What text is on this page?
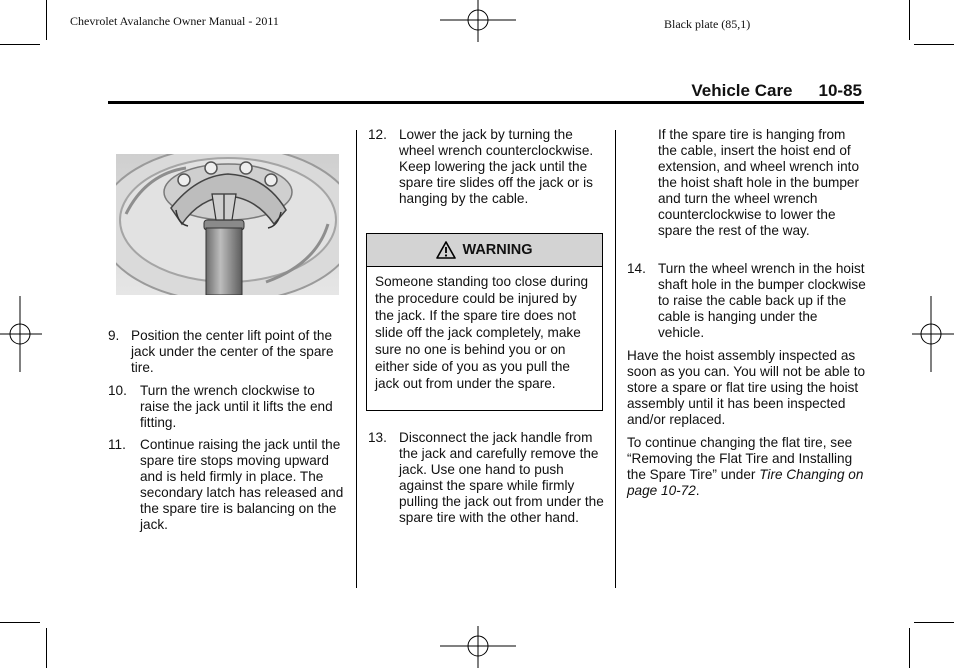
Chevrolet Avalanche Owner Manual - 2011	Black plate (85,1)
Vehicle Care 10-85
9. Position the center lift point of the jack under the center of the spare tire.
10. Turn the wrench clockwise to raise the jack until it lifts the end fitting.
11. Continue raising the jack until the spare tire stops moving upward and is held firmly in place. The secondary latch has released and the spare tire is balancing on the jack.
12. Lower the jack by turning the wheel wrench counterclockwise. Keep lowering the jack until the spare tire slides off the jack or is hanging by the cable.
WARNING
Someone standing too close during the procedure could be injured by the jack. If the spare tire does not slide off the jack completely, make sure no one is behind you or on either side of you as you pull the jack out from under the spare.
13. Disconnect the jack handle from the jack and carefully remove the jack. Use one hand to push against the spare while firmly pulling the jack out from under the spare tire with the other hand.
If the spare tire is hanging from the cable, insert the hoist end of extension, and wheel wrench into the hoist shaft hole in the bumper and turn the wheel wrench counterclockwise to lower the spare the rest of the way.
14. Turn the wheel wrench in the hoist shaft hole in the bumper clockwise to raise the cable back up if the cable is hanging under the vehicle.
Have the hoist assembly inspected as soon as you can. You will not be able to store a spare or flat tire using the hoist assembly until it has been inspected and/or replaced.
To continue changing the flat tire, see “Removing the Flat Tire and Installing the Spare Tire” under Tire Changing on page 10‑72.
